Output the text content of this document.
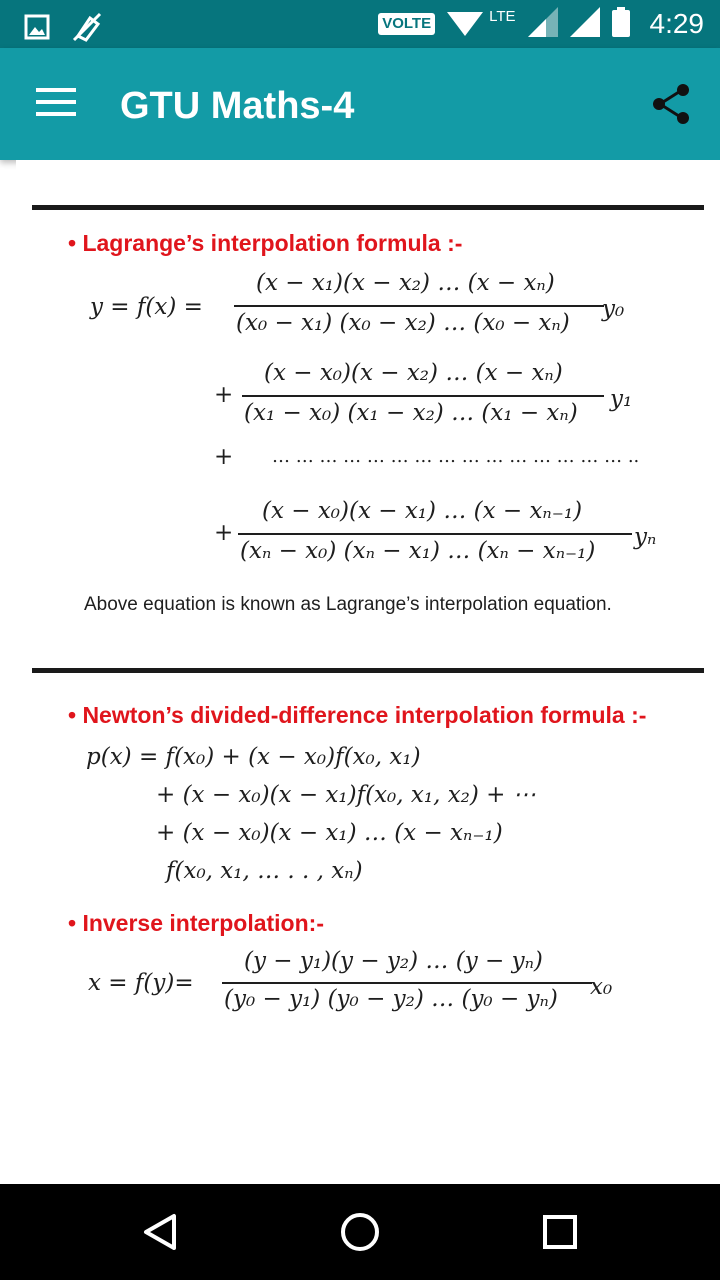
VOLTE	LTE	4:29
GTU Maths-4
• Lagrange’s interpolation formula :-
y = f(x) =
(x − x₁)(x − x₂) … (x − xₙ)
(x₀ − x₁) (x₀ − x₂) … (x₀ − xₙ)
y₀
+
(x − x₀)(x − x₂) … (x − xₙ)
(x₁ − x₀) (x₁ − x₂) … (x₁ − xₙ)
y₁
+ … … … … … … … … … … … … … … … ..
+
(x − x₀)(x − x₁) … (x − xₙ₋₁)
(xₙ − x₀) (xₙ − x₁) … (xₙ − xₙ₋₁)
yₙ
Above equation is known as Lagrange’s interpolation equation.
• Newton’s divided-difference interpolation formula :-
p(x) = f(x₀) + (x − x₀)f(x₀, x₁)
+ (x − x₀)(x − x₁)f(x₀, x₁, x₂) + ⋯
+ (x − x₀)(x − x₁) … (x − xₙ₋₁)
f(x₀, x₁, … . . , xₙ)
• Inverse interpolation:-
x = f(y)=
(y − y₁)(y − y₂) … (y − yₙ)
(y₀ − y₁) (y₀ − y₂) … (y₀ − yₙ) x₀
